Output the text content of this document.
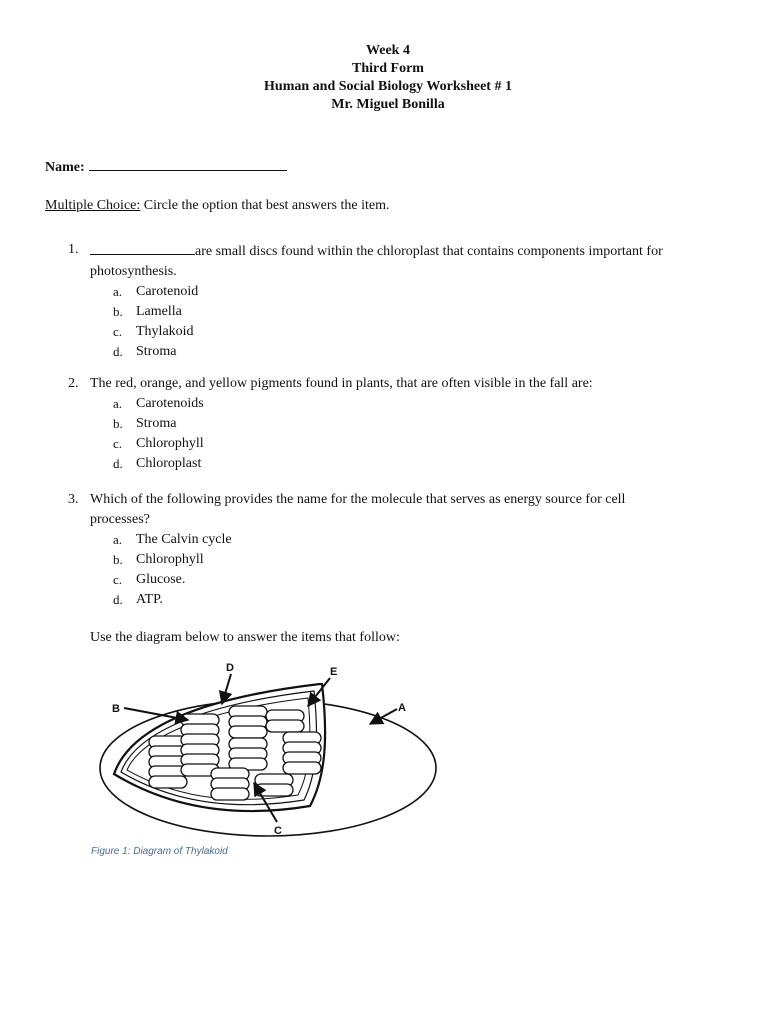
Week 4
Third Form
Human and Social Biology Worksheet # 1
Mr. Miguel Bonilla
Name:
Multiple Choice: Circle the option that best answers the item.
1.	are small discs found within the chloroplast that contains components important for
photosynthesis.
a. Carotenoid
b. Lamella
c. Thylakoid
d. Stroma
2. The red, orange, and yellow pigments found in plants, that are often visible in the fall are:
a. Carotenoids
b. Stroma
c. Chlorophyll
d. Chloroplast
3. Which of the following provides the name for the molecule that serves as energy source for cell
processes?
a. The Calvin cycle
b. Chlorophyll
c. Glucose.
d. ATP.
Use the diagram below to answer the items that follow:
A
B
C
D	E
Figure 1: Diagram of Thylakoid
